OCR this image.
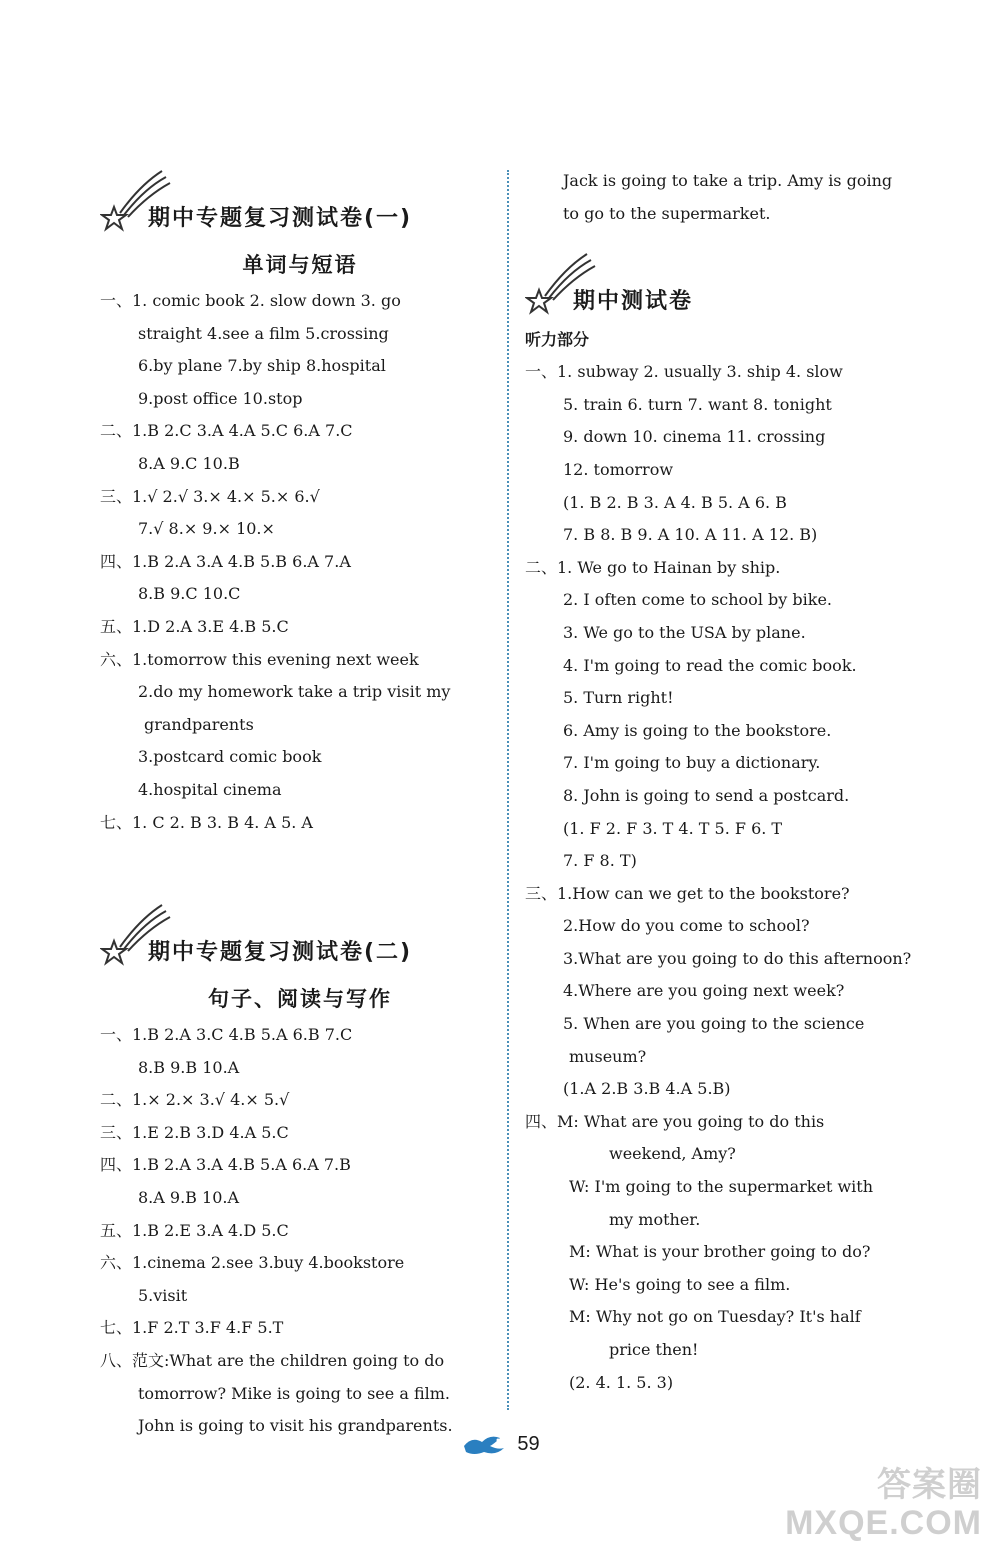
期中专题复习测试卷(一)
单词与短语
一、1. comic book 2. slow down 3. go
straight 4.see a film 5.crossing
6.by plane 7.by ship 8.hospital
9.post office 10.stop
二、1.B 2.C 3.A 4.A 5.C 6.A 7.C
8.A 9.C 10.B
三、1.√ 2.√ 3.× 4.× 5.× 6.√
7.√ 8.× 9.× 10.×
四、1.B 2.A 3.A 4.B 5.B 6.A 7.A
8.B 9.C 10.C
五、1.D 2.A 3.E 4.B 5.C
六、1.tomorrow this evening next week
2.do my homework take a trip visit my
grandparents
3.postcard comic book
4.hospital cinema
七、1. C 2. B 3. B 4. A 5. A
期中专题复习测试卷(二)
句子、阅读与写作
一、1.B 2.A 3.C 4.B 5.A 6.B 7.C
8.B 9.B 10.A
二、1.× 2.× 3.√ 4.× 5.√
三、1.E 2.B 3.D 4.A 5.C
四、1.B 2.A 3.A 4.B 5.A 6.A 7.B
8.A 9.B 10.A
五、1.B 2.E 3.A 4.D 5.C
六、1.cinema 2.see 3.buy 4.bookstore
5.visit
七、1.F 2.T 3.F 4.F 5.T
八、范文:What are the children going to do
tomorrow? Mike is going to see a film.
John is going to visit his grandparents.
Jack is going to take a trip. Amy is going
to go to the supermarket.
期中测试卷
听力部分
一、1. subway 2. usually 3. ship 4. slow
5. train 6. turn 7. want 8. tonight
9. down 10. cinema 11. crossing
12. tomorrow
(1. B 2. B 3. A 4. B 5. A 6. B
7. B 8. B 9. A 10. A 11. A 12. B)
二、1. We go to Hainan by ship.
2. I often come to school by bike.
3. We go to the USA by plane.
4. I'm going to read the comic book.
5. Turn right!
6. Amy is going to the bookstore.
7. I'm going to buy a dictionary.
8. John is going to send a postcard.
(1. F 2. F 3. T 4. T 5. F 6. T
7. F 8. T)
三、1.How can we get to the bookstore?
2.How do you come to school?
3.What are you going to do this afternoon?
4.Where are you going next week?
5. When are you going to the science
museum?
(1.A 2.B 3.B 4.A 5.B)
四、M: What are you going to do this
weekend, Amy?
W: I'm going to the supermarket with
my mother.
M: What is your brother going to do?
W: He's going to see a film.
M: Why not go on Tuesday? It's half
price then!
(2. 4. 1. 5. 3)
59
答案圈
MXQE.COM
